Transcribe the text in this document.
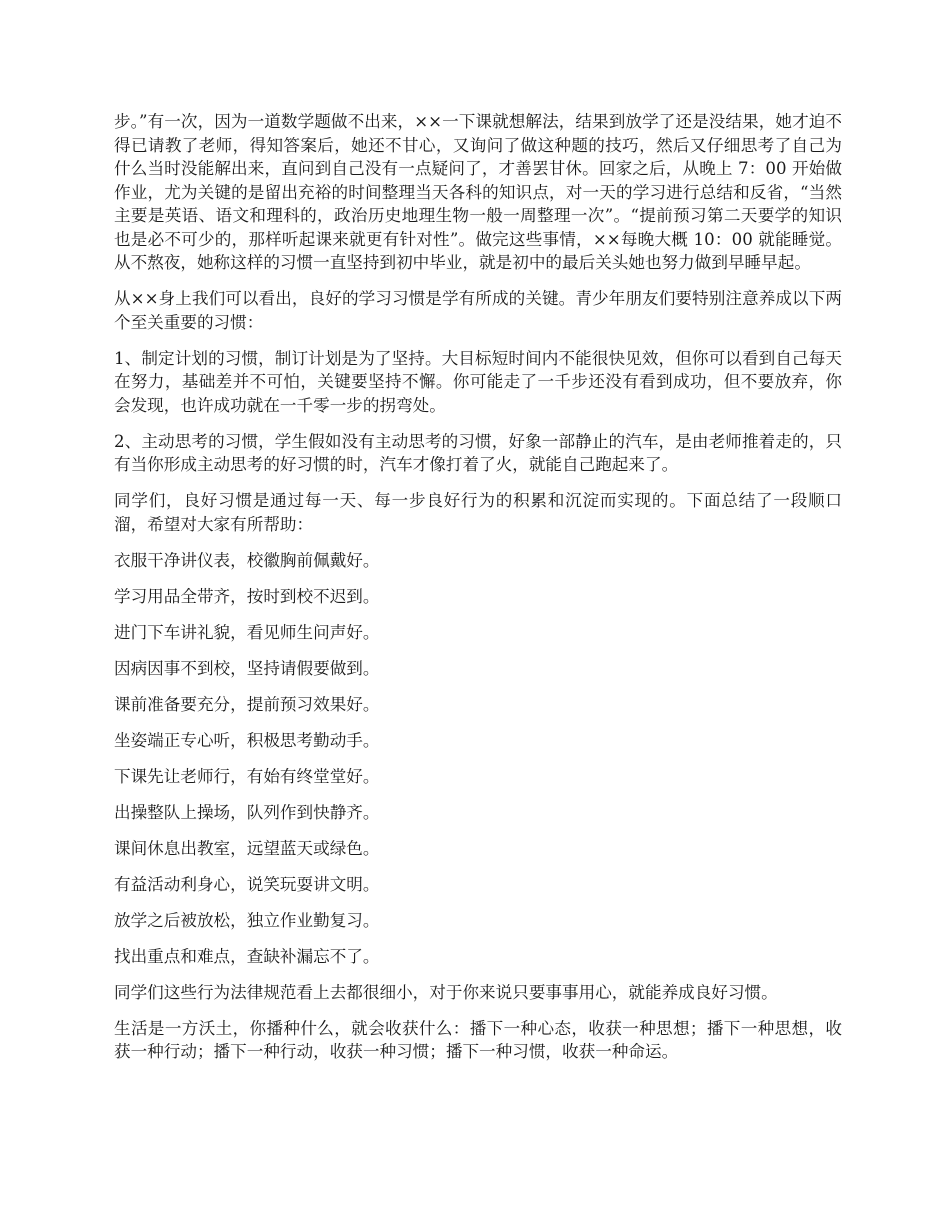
步。”有一次，因为一道数学题做不出来，××一下课就想解法，结果到放学了还是没结果，她才迫不得已请教了老师，得知答案后，她还不甘心，又询问了做这种题的技巧，然后又仔细思考了自己为什么当时没能解出来，直问到自己没有一点疑问了，才善罢甘休。回家之后，从晚上 7：00 开始做作业，尤为关键的是留出充裕的时间整理当天各科的知识点，对一天的学习进行总结和反省，“当然主要是英语、语文和理科的，政治历史地理生物一般一周整理一次”。“提前预习第二天要学的知识也是必不可少的，那样听起课来就更有针对性”。做完这些事情，××每晚大概 10：00 就能睡觉。从不熬夜，她称这样的习惯一直坚持到初中毕业，就是初中的最后关头她也努力做到早睡早起。

从××身上我们可以看出，良好的学习习惯是学有所成的关键。青少年朋友们要特别注意养成以下两个至关重要的习惯：

1、制定计划的习惯，制订计划是为了坚持。大目标短时间内不能很快见效，但你可以看到自己每天在努力，基础差并不可怕，关键要坚持不懈。你可能走了一千步还没有看到成功，但不要放弃，你会发现，也许成功就在一千零一步的拐弯处。

2、主动思考的习惯，学生假如没有主动思考的习惯，好象一部静止的汽车，是由老师推着走的，只有当你形成主动思考的好习惯的时，汽车才像打着了火，就能自己跑起来了。

同学们，良好习惯是通过每一天、每一步良好行为的积累和沉淀而实现的。下面总结了一段顺口溜，希望对大家有所帮助：

衣服干净讲仪表，校徽胸前佩戴好。

学习用品全带齐，按时到校不迟到。

进门下车讲礼貌，看见师生问声好。

因病因事不到校，坚持请假要做到。

课前准备要充分，提前预习效果好。

坐姿端正专心听，积极思考勤动手。

下课先让老师行，有始有终堂堂好。

出操整队上操场，队列作到快静齐。

课间休息出教室，远望蓝天或绿色。

有益活动利身心，说笑玩耍讲文明。

放学之后被放松，独立作业勤复习。

找出重点和难点，查缺补漏忘不了。

同学们这些行为法律规范看上去都很细小，对于你来说只要事事用心，就能养成良好习惯。

生活是一方沃土，你播种什么，就会收获什么：播下一种心态，收获一种思想；播下一种思想，收获一种行动；播下一种行动，收获一种习惯；播下一种习惯，收获一种命运。
